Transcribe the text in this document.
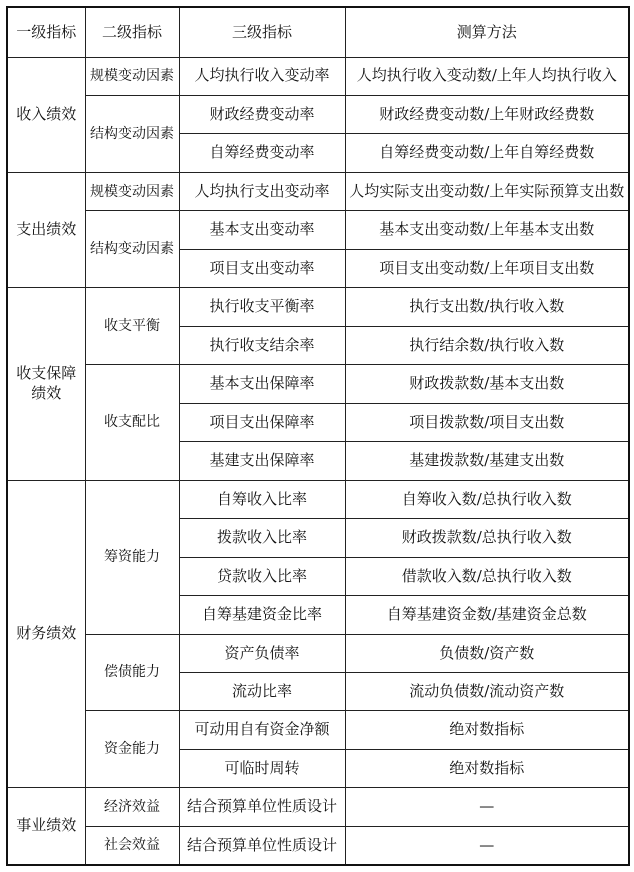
一级指标	二级指标	三级指标	测算方法
收入绩效	规模变动因素	人均执行收入变动率	人均执行收入变动数/上年人均执行收入
	结构变动因素	财政经费变动率	财政经费变动数/上年财政经费数
		自筹经费变动率	自筹经费变动数/上年自筹经费数
支出绩效	规模变动因素	人均执行支出变动率	人均实际支出变动数/上年实际预算支出数
	结构变动因素	基本支出变动率	基本支出变动数/上年基本支出数
		项目支出变动率	项目支出变动数/上年项目支出数
收支保障绩效	收支平衡	执行收支平衡率	执行支出数/执行收入数
		执行收支结余率	执行结余数/执行收入数
	收支配比	基本支出保障率	财政拨款数/基本支出数
		项目支出保障率	项目拨款数/项目支出数
		基建支出保障率	基建拨款数/基建支出数
财务绩效	筹资能力	自筹收入比率	自筹收入数/总执行收入数
		拨款收入比率	财政拨款数/总执行收入数
		贷款收入比率	借款收入数/总执行收入数
		自筹基建资金比率	自筹基建资金数/基建资金总数
	偿债能力	资产负债率	负债数/资产数
		流动比率	流动负债数/流动资产数
	资金能力	可动用自有资金净额	绝对数指标
		可临时周转	绝对数指标
事业绩效	经济效益	结合预算单位性质设计	—
	社会效益	结合预算单位性质设计	—
